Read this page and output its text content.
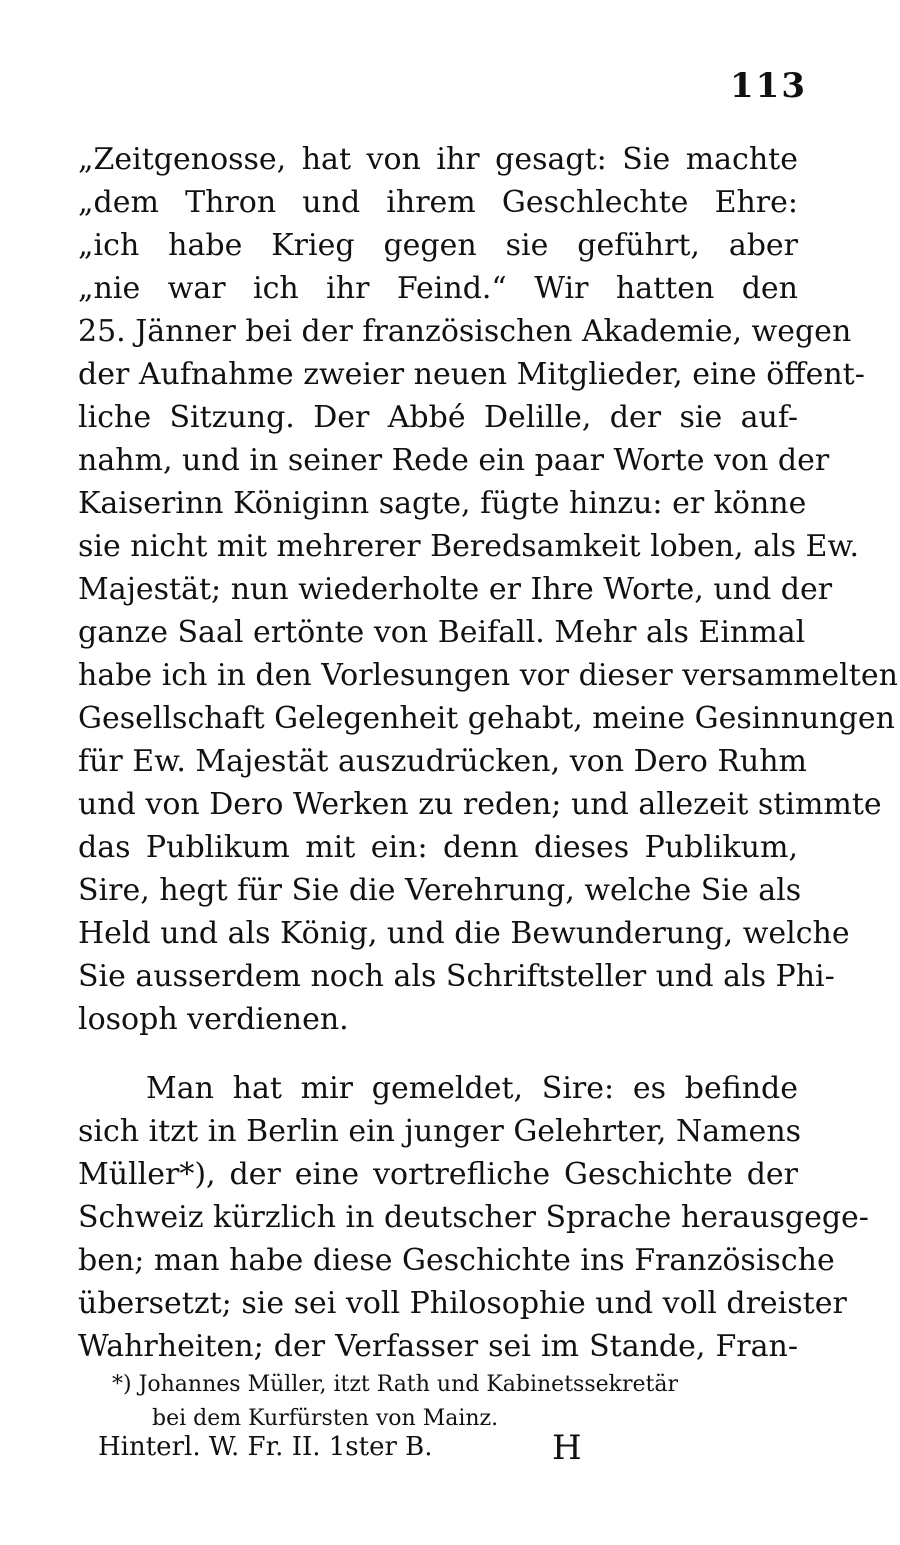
113
„Zeitgenosse, hat von ihr gesagt: Sie machte
„dem Thron und ihrem Geschlechte Ehre:
„ich habe Krieg gegen sie geführt, aber
„nie war ich ihr Feind.“ Wir hatten den
25. Jänner bei der französischen Akademie, wegen
der Aufnahme zweier neuen Mitglieder, eine öffent-
liche Sitzung. Der Abbé Delille, der sie auf-
nahm, und in seiner Rede ein paar Worte von der
Kaiserinn Königinn sagte, fügte hinzu: er könne
sie nicht mit mehrerer Beredsamkeit loben, als Ew.
Majestät; nun wiederholte er Ihre Worte, und der
ganze Saal ertönte von Beifall. Mehr als Einmal
habe ich in den Vorlesungen vor dieser versammelten
Gesellschaft Gelegenheit gehabt, meine Gesinnungen
für Ew. Majestät auszudrücken, von Dero Ruhm
und von Dero Werken zu reden; und allezeit stimmte
das Publikum mit ein: denn dieses Publikum,
Sire, hegt für Sie die Verehrung, welche Sie als
Held und als König, und die Bewunderung, welche
Sie ausserdem noch als Schriftsteller und als Phi-
losoph verdienen.
Man hat mir gemeldet, Sire: es befinde
sich itzt in Berlin ein junger Gelehrter, Namens
Müller*), der eine vortrefliche Geschichte der
Schweiz kürzlich in deutscher Sprache herausgege-
ben; man habe diese Geschichte ins Französische
übersetzt; sie sei voll Philosophie und voll dreister
Wahrheiten; der Verfasser sei im Stande, Fran-
*) Johannes Müller, itzt Rath und Kabinetssekretär
bei dem Kurfürsten von Mainz.
Hinterl. W. Fr. II. 1ster B.	H
